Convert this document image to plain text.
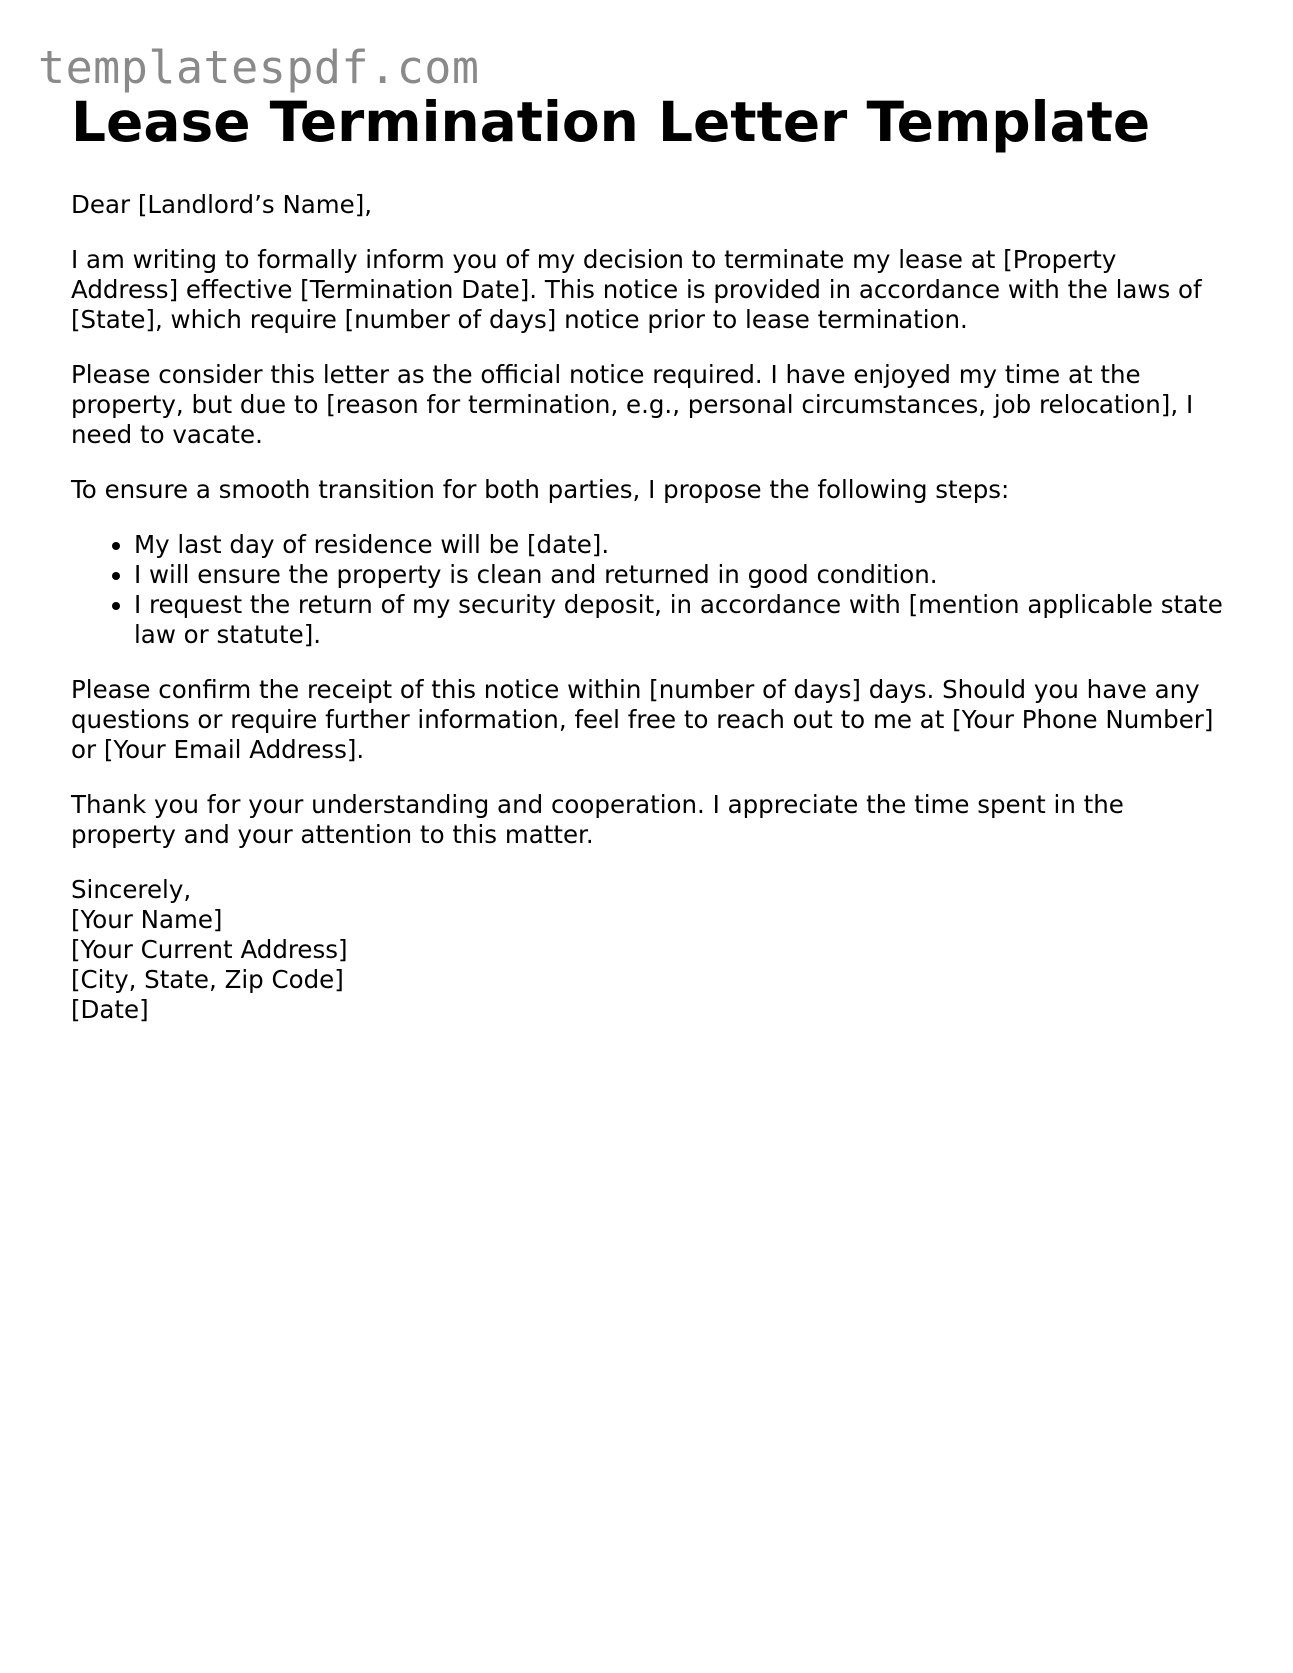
templatespdf.com
Lease Termination Letter Template

Dear [Landlord’s Name],

I am writing to formally inform you of my decision to terminate my lease at [Property Address] effective [Termination Date]. This notice is provided in accordance with the laws of [State], which require [number of days] notice prior to lease termination.

Please consider this letter as the official notice required. I have enjoyed my time at the property, but due to [reason for termination, e.g., personal circumstances, job relocation], I need to vacate.

To ensure a smooth transition for both parties, I propose the following steps:

• My last day of residence will be [date].
• I will ensure the property is clean and returned in good condition.
• I request the return of my security deposit, in accordance with [mention applicable state law or statute].

Please confirm the receipt of this notice within [number of days] days. Should you have any questions or require further information, feel free to reach out to me at [Your Phone Number] or [Your Email Address].

Thank you for your understanding and cooperation. I appreciate the time spent in the property and your attention to this matter.

Sincerely,
[Your Name]
[Your Current Address]
[City, State, Zip Code]
[Date]
